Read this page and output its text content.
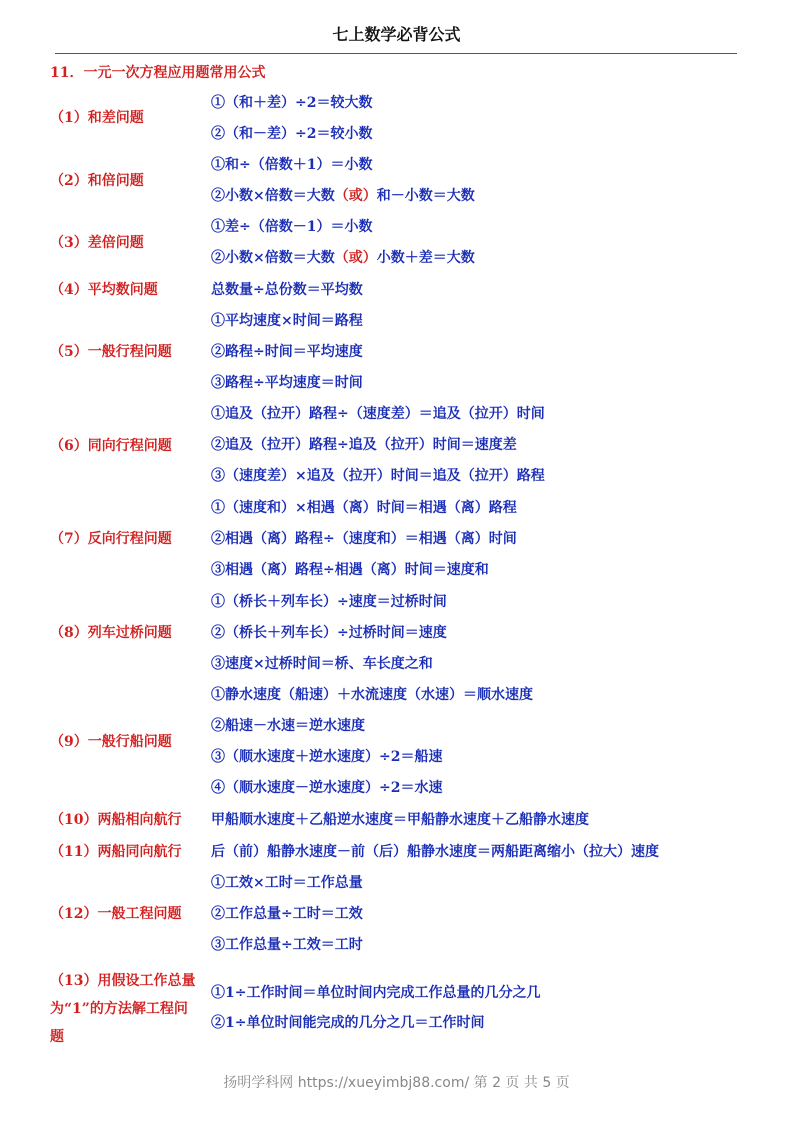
七上数学必背公式
11．一元一次方程应用题常用公式
（1）和差问题
①（和＋差）÷2＝较大数
②（和－差）÷2＝较小数
（2）和倍问题
①和÷（倍数＋1）＝小数
②小数×倍数＝大数（或）和－小数＝大数
（3）差倍问题
①差÷（倍数－1）＝小数
②小数×倍数＝大数（或）小数＋差＝大数
（4）平均数问题	总数量÷总份数＝平均数
（5）一般行程问题
①平均速度×时间＝路程
②路程÷时间＝平均速度
③路程÷平均速度＝时间
（6）同向行程问题
①追及（拉开）路程÷（速度差）＝追及（拉开）时间
②追及（拉开）路程÷追及（拉开）时间＝速度差
③（速度差）×追及（拉开）时间＝追及（拉开）路程
（7）反向行程问题
①（速度和）×相遇（离）时间＝相遇（离）路程
②相遇（离）路程÷（速度和）＝相遇（离）时间
③相遇（离）路程÷相遇（离）时间＝速度和
（8）列车过桥问题
①（桥长＋列车长）÷速度＝过桥时间
②（桥长＋列车长）÷过桥时间＝速度
③速度×过桥时间＝桥、车长度之和
（9）一般行船问题
①静水速度（船速）＋水流速度（水速）＝顺水速度
②船速－水速＝逆水速度
③（顺水速度＋逆水速度）÷2＝船速
④（顺水速度－逆水速度）÷2＝水速
（10）两船相向航行 甲船顺水速度＋乙船逆水速度＝甲船静水速度＋乙船静水速度
（11）两船同向航行 后（前）船静水速度－前（后）船静水速度＝两船距离缩小（拉大）速度
（12）一般工程问题
①工效×工时＝工作总量
②工作总量÷工时＝工效
③工作总量÷工效＝工时
（13）用假设工作总量为“1”的方法解工程问题
①1÷工作时间＝单位时间内完成工作总量的几分之几
②1÷单位时间能完成的几分之几＝工作时间
扬明学科网 https://xueyimbj88.com/ 第 2 页 共 5 页
